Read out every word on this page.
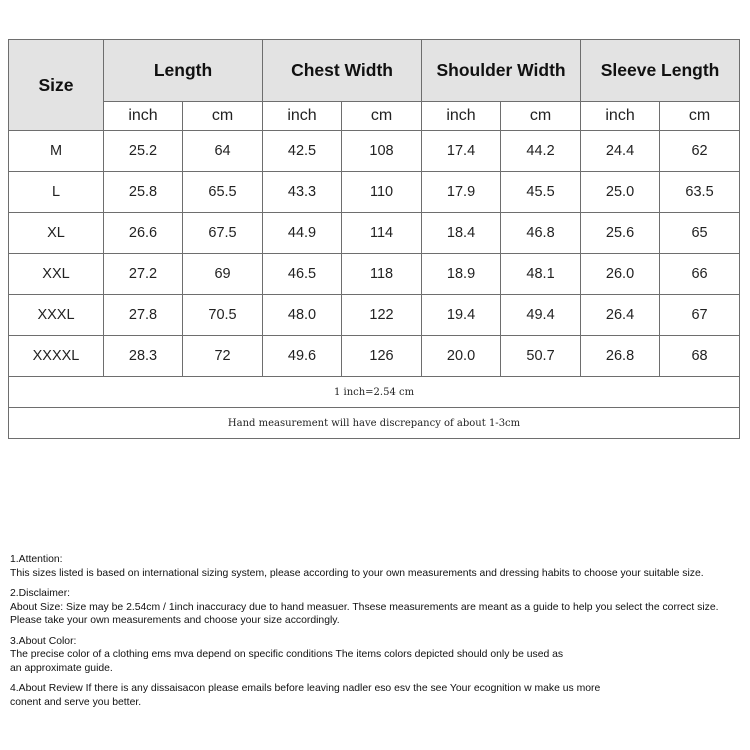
Size	Length		Chest Width		Shoulder Width		Sleeve Length	
	inch	cm	inch	cm	inch	cm	inch	cm
M	25.2	64	42.5	108	17.4	44.2	24.4	62
L	25.8	65.5	43.3	110	17.9	45.5	25.0	63.5
XL	26.6	67.5	44.9	114	18.4	46.8	25.6	65
XXL	27.2	69	46.5	118	18.9	48.1	26.0	66
XXXL	27.8	70.5	48.0	122	19.4	49.4	26.4	67
XXXXL	28.3	72	49.6	126	20.0	50.7	26.8	68
1 inch=2.54 cm								
Hand measurement will have discrepancy of about 1-3cm								
1.Attention:
This sizes listed is based on international sizing system, please according to your own measurements and dressing habits to choose your suitable size.
2.Disclaimer:
About Size: Size may be 2.54cm / 1inch inaccuracy due to hand measuer. Thsese measurements are meant as a guide to help you select the correct size.
Please take your own measurements and choose your size accordingly.
3.About Color:
The precise color of a clothing ems mva depend on specific conditions The items colors depicted should only be used as
an approximate guide.
4.About Review If there is any dissaisacon please emails before leaving nadler eso esv the see Your ecognition w make us more
conent and serve you better.
